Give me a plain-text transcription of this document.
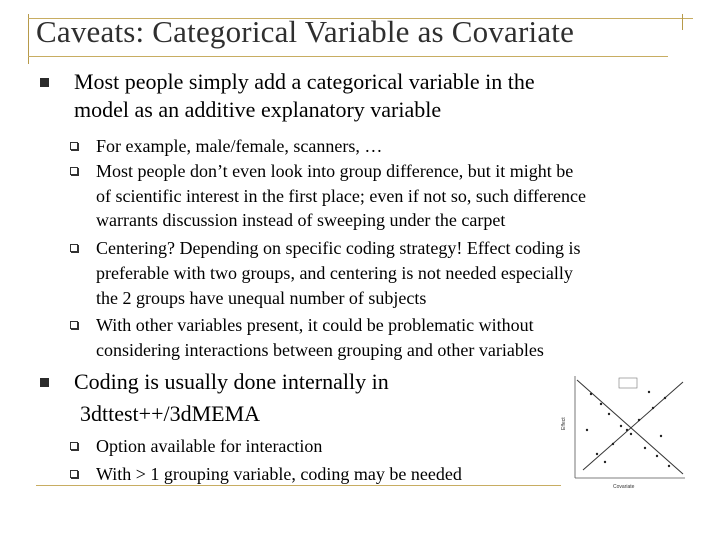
Caveats: Categorical Variable as Covariate
Most people simply add a categorical variable in the
model as an additive explanatory variable
For example, male/female, scanners, …
Most people don’t even look into group difference, but it might be
of scientific interest in the first place; even if not so, such difference
warrants discussion instead of sweeping under the carpet
Centering? Depending on specific coding strategy! Effect coding is
preferable with two groups, and centering is not needed especially
the 2 groups have unequal number of subjects
With other variables present, it could be problematic without
considering interactions between grouping and other variables
Coding is usually done internally in
3dttest++/3dMEMA
Option available for interaction
With > 1 grouping variable, coding may be needed
Effect
Covariate
